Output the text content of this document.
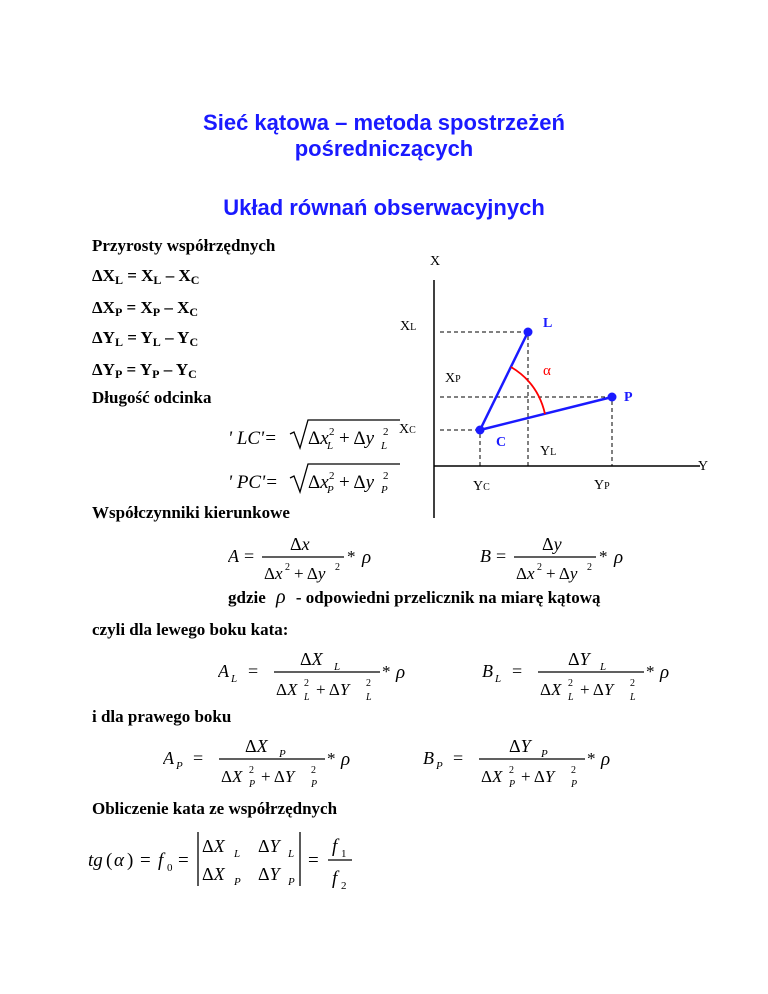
Sieć kątowa – metoda spostrzeżeń
pośredniczących
Układ równań obserwacyjnych
Przyrosty współrzędnych
$\Delta X_L = X_L - X_C$
$\Delta X_P = X_P - X_C$
$\Delta Y_L = Y_L - Y_C$
$\Delta Y_P = Y_P - Y_C$
Długość odcinka
' LC'= Δx 2
L + Δy 2
L
' PC'= Δx 2
P + Δy 2
P
X
Y
L
P
C
α
XL
XP
XC
YC
YL
YP
Współczynniki kierunkowe
A =
Δx
Δx 2 + Δy 2
* ρ	B =
Δy
Δx 2 + Δy 2
* ρ
gdzie ρ - odpowiedni przelicznik na miarę kątową
czyli dla lewego boku kata:
A L =
ΔX L
ΔX 2
L + ΔY 2
L
* ρ	B L =
ΔY L
ΔX 2
L + ΔY 2
L
* ρ
i dla prawego boku
A P =
ΔX P
ΔX 2
P + ΔY 2
P
* ρ	B P =
ΔY P
ΔX 2
P + ΔY 2
P
* ρ
Obliczenie kata ze współrzędnych
tg ( α ) = f 0 =
ΔX L ΔY L
ΔX P ΔY P
=
f 1
f 2
